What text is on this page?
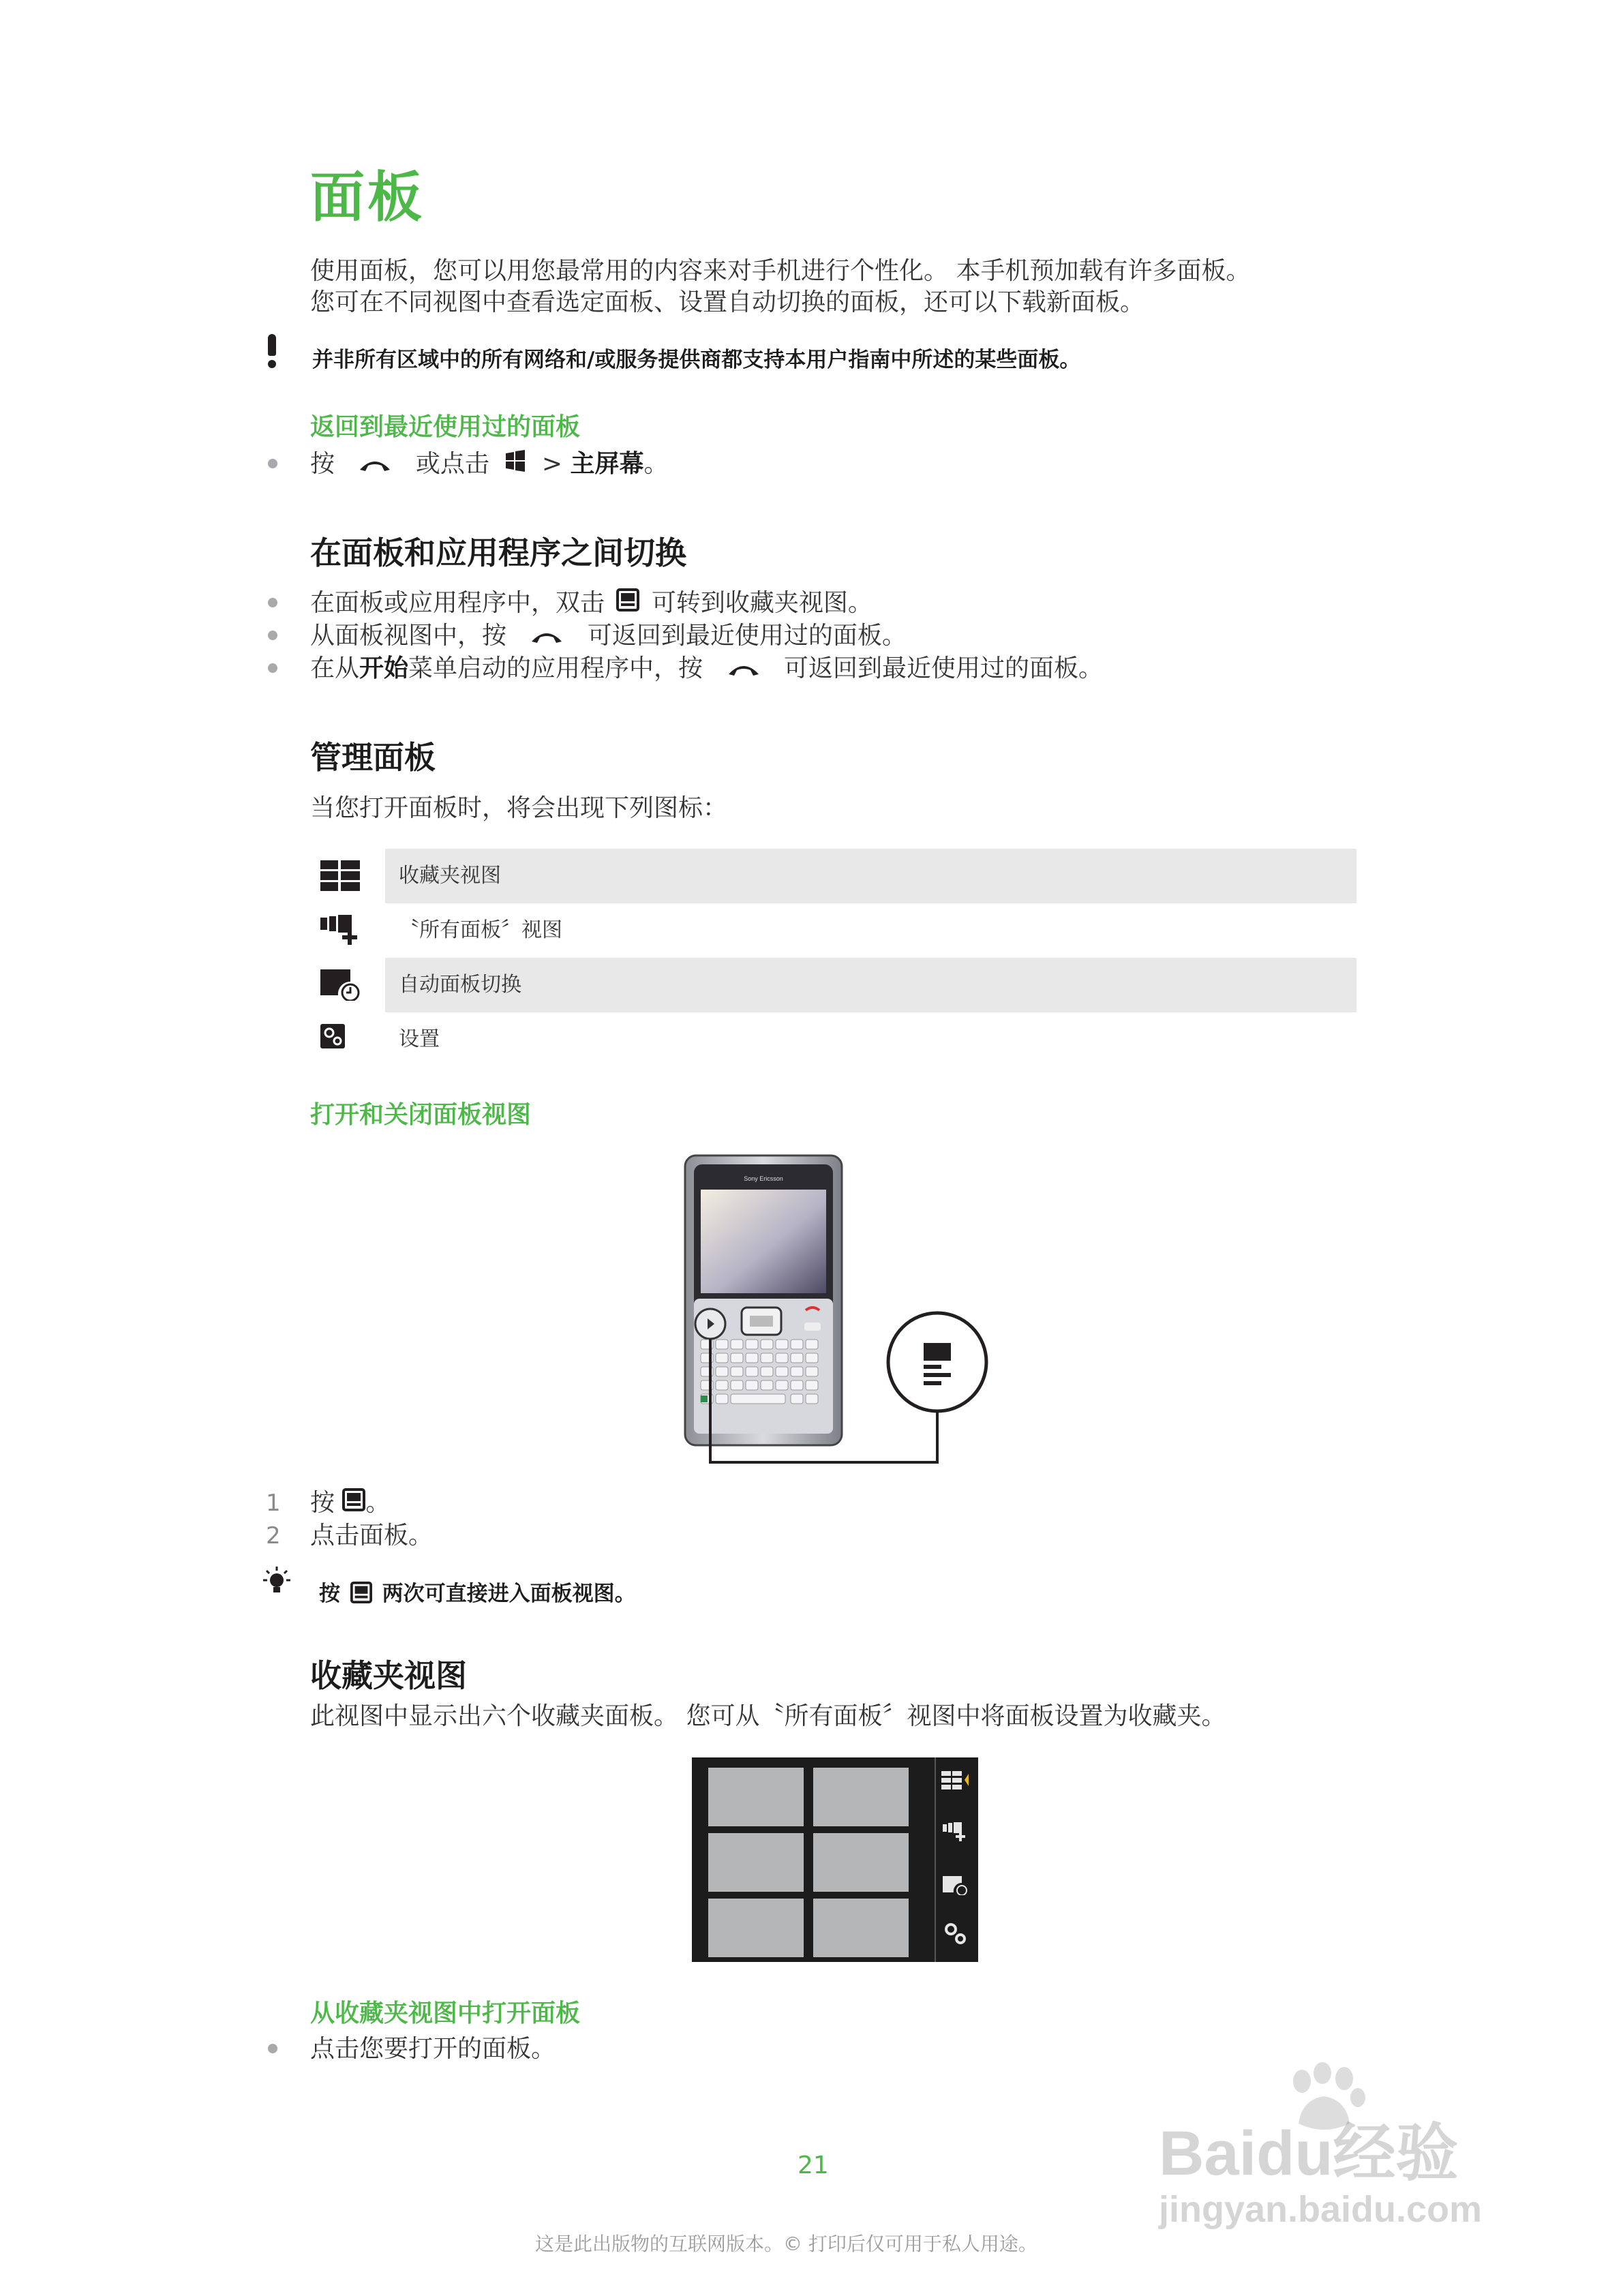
面板
使用面板，您可以用您最常用的内容来对手机进行个性化。 本手机预加载有许多面板。
您可在不同视图中查看选定面板、设置自动切换的面板，还可以下载新面板。
并非所有区域中的所有网络和/或服务提供商都支持本用户指南中所述的某些面板。
返回到最近使用过的面板
按	或点击 > 主屏幕。
在面板和应用程序之间切换
在面板或应用程序中，双击 可转到收藏夹视图。
从面板视图中，按	可返回到最近使用过的面板。
在从开始菜单启动的应用程序中，按	可返回到最近使用过的面板。
管理面板
当您打开面板时，将会出现下列图标：
收藏夹视图
〝所有面板〞视图
自动面板切换
设置
打开和关闭面板视图
Sony Ericsson
1 按 。
2 点击面板。
按 两次可直接进入面板视图。
收藏夹视图
此视图中显示出六个收藏夹面板。 您可从〝所有面板〞视图中将面板设置为收藏夹。
从收藏夹视图中打开面板
点击您要打开的面板。
21
这是此出版物的互联网版本。© 打印后仅可用于私人用途。
Baidu经验
jingyan.baidu.com
